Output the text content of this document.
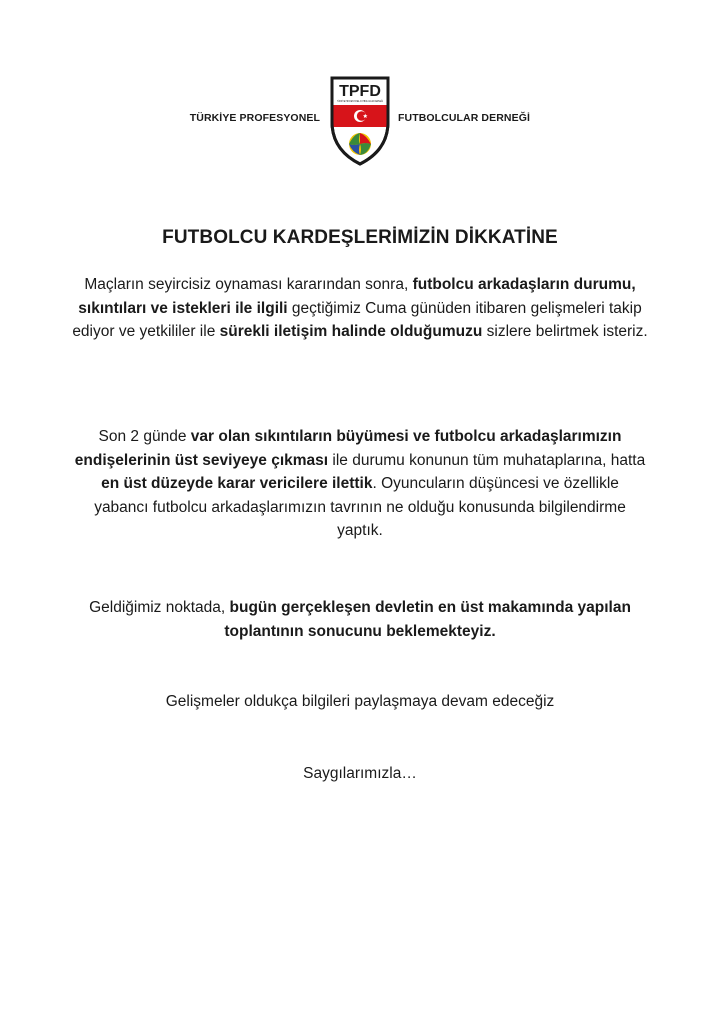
TÜRKİYE PROFESYONEL
TPFD
TÜRKİYE PROFESYONEL FUTBOLCULAR DERNEĞİ
FUTBOLCULAR DERNEĞİ
FUTBOLCU KARDEŞLERİMİZİN DİKKATİNE
Maçların seyircisiz oynaması kararından sonra, futbolcu arkadaşların durumu, sıkıntıları ve istekleri ile ilgili geçtiğimiz Cuma günüden itibaren gelişmeleri takip ediyor ve yetkililer ile sürekli iletişim halinde olduğumuzu sizlere belirtmek isteriz.
Son 2 günde var olan sıkıntıların büyümesi ve futbolcu arkadaşlarımızın endişelerinin üst seviyeye çıkması ile durumu konunun tüm muhataplarına, hatta en üst düzeyde karar vericilere ilettik. Oyuncuların düşüncesi ve özellikle yabancı futbolcu arkadaşlarımızın tavrının ne olduğu konusunda bilgilendirme yaptık.
Geldiğimiz noktada, bugün gerçekleşen devletin en üst makamında yapılan toplantının sonucunu beklemekteyiz.
Gelişmeler oldukça bilgileri paylaşmaya devam edeceğiz
Saygılarımızla…
